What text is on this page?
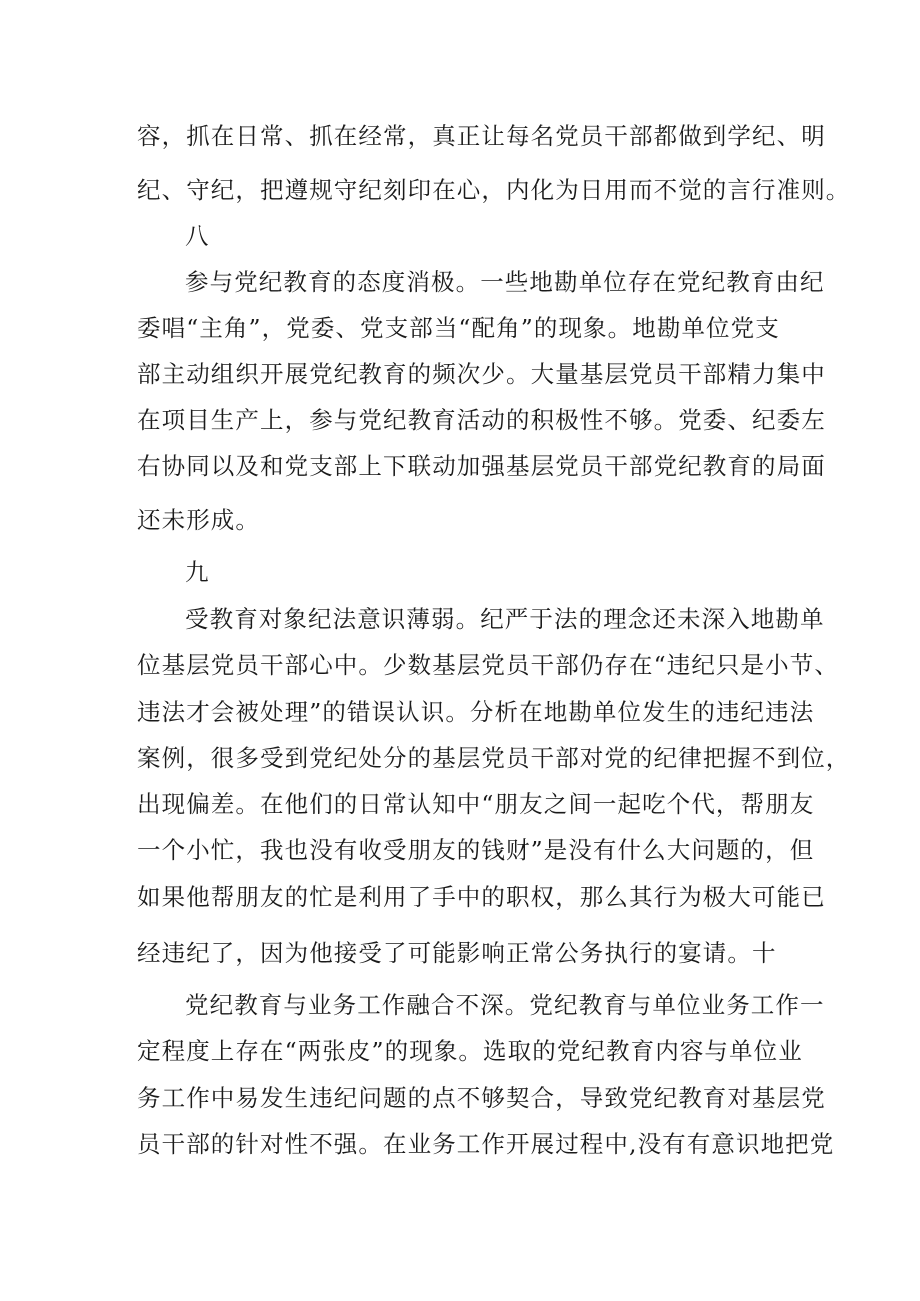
容，抓在日常、抓在经常，真正让每名党员干部都做到学纪、明
纪、守纪，把遵规守纪刻印在心，内化为日用而不觉的言行准则。
八
参与党纪教育的态度消极。一些地勘单位存在党纪教育由纪
委唱“主角”，党委、党支部当“配角”的现象。地勘单位党支
部主动组织开展党纪教育的频次少。大量基层党员干部精力集中
在项目生产上，参与党纪教育活动的积极性不够。党委、纪委左
右协同以及和党支部上下联动加强基层党员干部党纪教育的局面
还未形成。
九
受教育对象纪法意识薄弱。纪严于法的理念还未深入地勘单
位基层党员干部心中。少数基层党员干部仍存在“违纪只是小节、
违法才会被处理”的错误认识。分析在地勘单位发生的违纪违法
案例，很多受到党纪处分的基层党员干部对党的纪律把握不到位，
出现偏差。在他们的日常认知中“朋友之间一起吃个代，帮朋友
一个小忙，我也没有收受朋友的钱财”是没有什么大问题的，但
如果他帮朋友的忙是利用了手中的职权，那么其行为极大可能已
经违纪了，因为他接受了可能影响正常公务执行的宴请。十
党纪教育与业务工作融合不深。党纪教育与单位业务工作一
定程度上存在“两张皮”的现象。选取的党纪教育内容与单位业
务工作中易发生违纪问题的点不够契合，导致党纪教育对基层党
员干部的针对性不强。在业务工作开展过程中,没有有意识地把党
